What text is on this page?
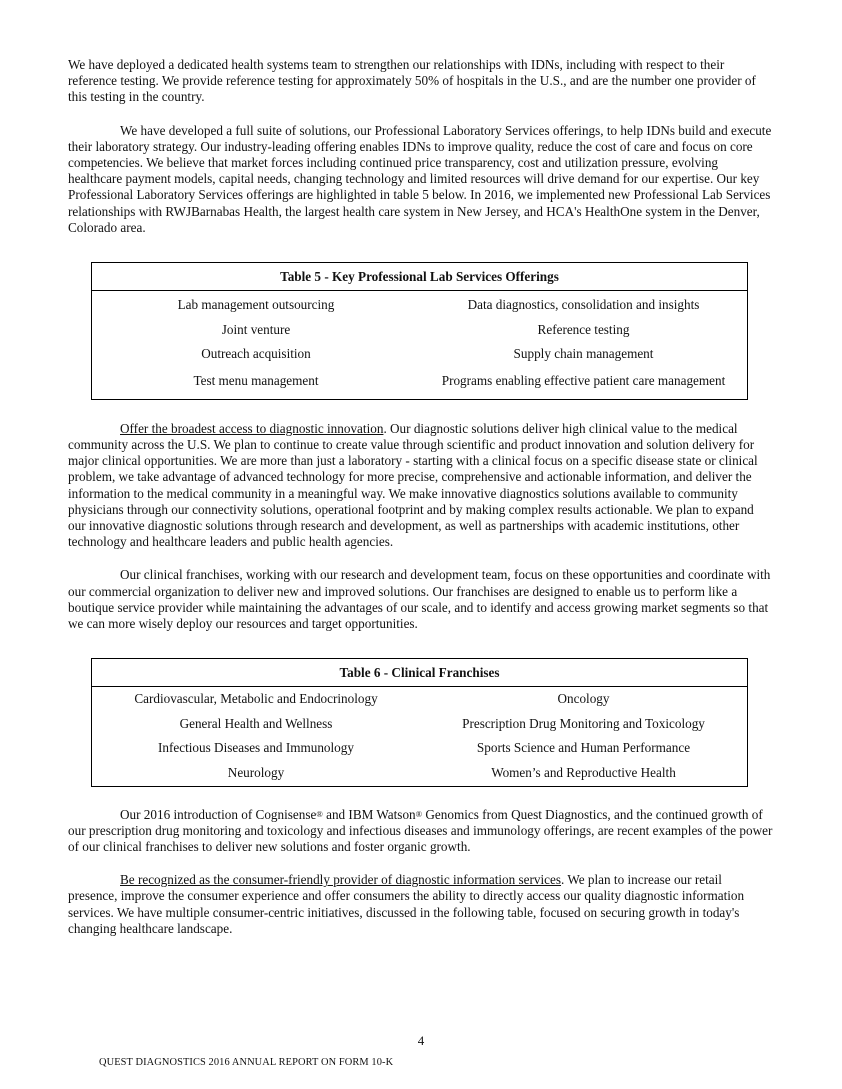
We have deployed a dedicated health systems team to strengthen our relationships with IDNs, including with respect to their reference testing. We provide reference testing for approximately 50% of hospitals in the U.S., and are the number one provider of this testing in the country.

We have developed a full suite of solutions, our Professional Laboratory Services offerings, to help IDNs build and execute their laboratory strategy. Our industry-leading offering enables IDNs to improve quality, reduce the cost of care and focus on core competencies. We believe that market forces including continued price transparency, cost and utilization pressure, evolving healthcare payment models, capital needs, changing technology and limited resources will drive demand for our expertise. Our key Professional Laboratory Services offerings are highlighted in table 5 below. In 2016, we implemented new Professional Lab Services relationships with RWJBarnabas Health, the largest health care system in New Jersey, and HCA's HealthOne system in the Denver, Colorado area.

Table 5 - Key Professional Lab Services Offerings
Lab management outsourcing	Data diagnostics, consolidation and insights
Joint venture	Reference testing
Outreach acquisition	Supply chain management
Test menu management	Programs enabling effective patient care management

Offer the broadest access to diagnostic innovation. Our diagnostic solutions deliver high clinical value to the medical community across the U.S. We plan to continue to create value through scientific and product innovation and solution delivery for major clinical opportunities. We are more than just a laboratory - starting with a clinical focus on a specific disease state or clinical problem, we take advantage of advanced technology for more precise, comprehensive and actionable information, and deliver the information to the medical community in a meaningful way. We make innovative diagnostics solutions available to community physicians through our connectivity solutions, operational footprint and by making complex results actionable. We plan to expand our innovative diagnostic solutions through research and development, as well as partnerships with academic institutions, other technology and healthcare leaders and public health agencies.

Our clinical franchises, working with our research and development team, focus on these opportunities and coordinate with our commercial organization to deliver new and improved solutions. Our franchises are designed to enable us to perform like a boutique service provider while maintaining the advantages of our scale, and to identify and access growing market segments so that we can more wisely deploy our resources and target opportunities.

Table 6 - Clinical Franchises
Cardiovascular, Metabolic and Endocrinology	Oncology
General Health and Wellness	Prescription Drug Monitoring and Toxicology
Infectious Diseases and Immunology	Sports Science and Human Performance
Neurology	Women’s and Reproductive Health

Our 2016 introduction of Cognisense® and IBM Watson® Genomics from Quest Diagnostics, and the continued growth of our prescription drug monitoring and toxicology and infectious diseases and immunology offerings, are recent examples of the power of our clinical franchises to deliver new solutions and foster organic growth.

Be recognized as the consumer-friendly provider of diagnostic information services. We plan to increase our retail presence, improve the consumer experience and offer consumers the ability to directly access our quality diagnostic information services. We have multiple consumer-centric initiatives, discussed in the following table, focused on securing growth in today's changing healthcare landscape.

4
QUEST DIAGNOSTICS 2016 ANNUAL REPORT ON FORM 10-K
